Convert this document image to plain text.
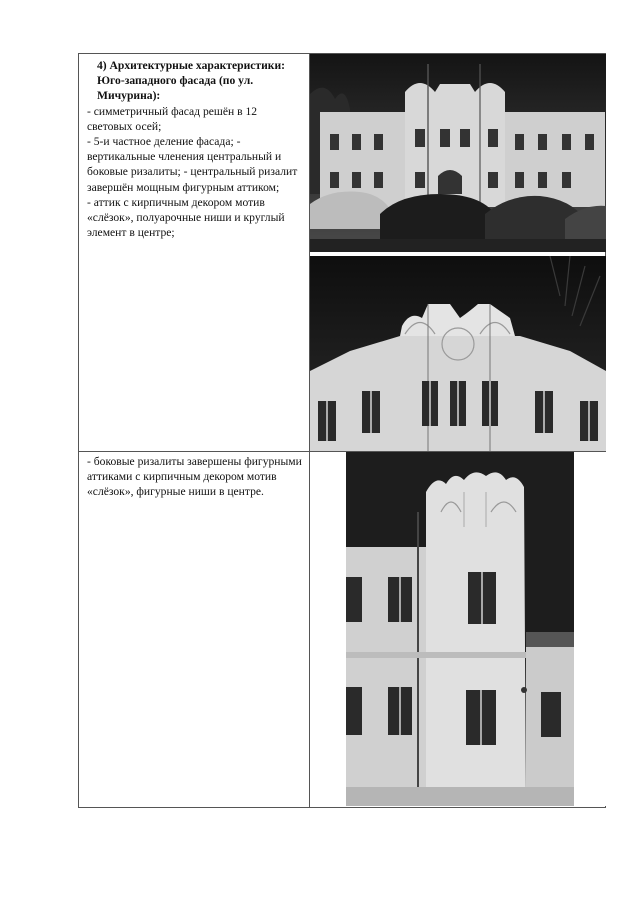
4) Архитектурные характеристики: Юго-западного фасада (по ул. Мичурина):
- симметричный фасад решён в 12 световых осей;
- 5-и частное деление фасада; - вертикальные членения центральный и боковые ризалиты; - центральный ризалит завершён мощным фигурным аттиком;
- аттик с кирпичным декором мотив «слёзок», полуарочные ниши и круглый элемент в центре;

- боковые ризалиты завершены фигурными аттиками с кирпичным декором мотив «слёзок», фигурные ниши в центре.
